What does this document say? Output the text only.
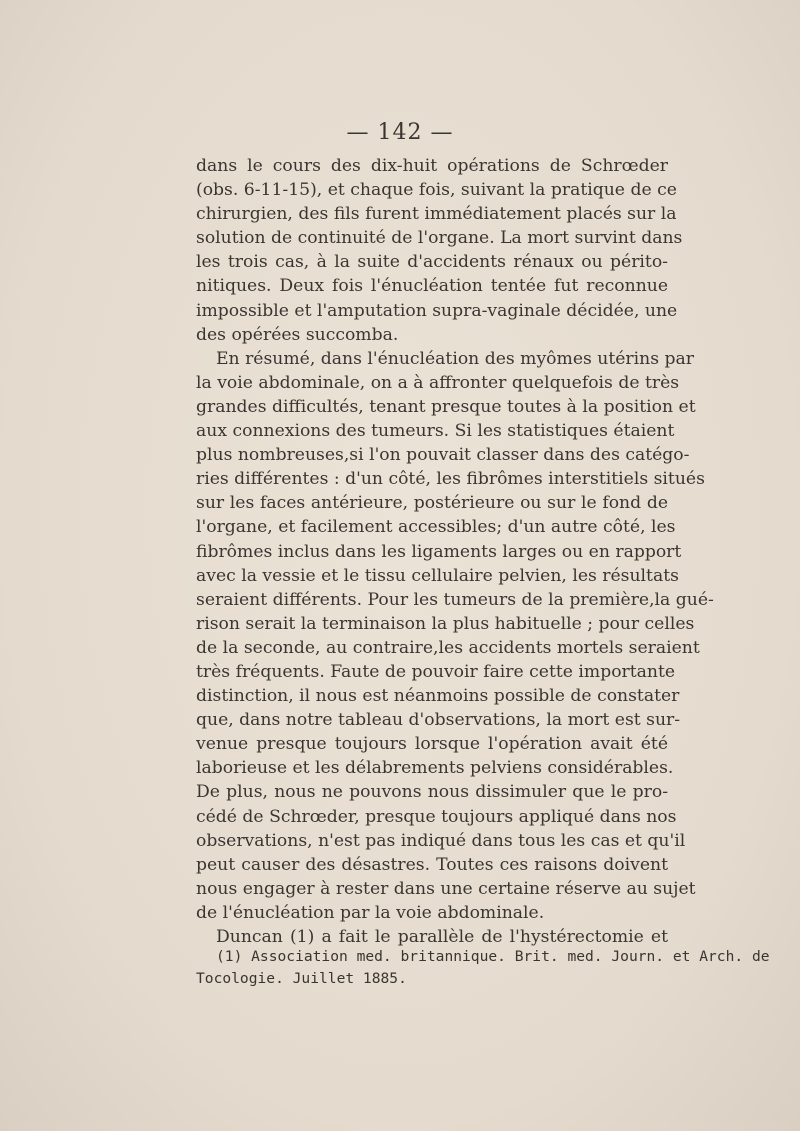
— 142 —
dans le cours des dix-huit opérations de Schrœder
(obs. 6-11-15), et chaque fois, suivant la pratique de ce
chirurgien, des fils furent immédiatement placés sur la
solution de continuité de l'organe. La mort survint dans
les trois cas, à la suite d'accidents rénaux ou périto-
nitiques. Deux fois l'énucléation tentée fut reconnue
impossible et l'amputation supra-vaginale décidée, une
des opérées succomba.
En résumé, dans l'énucléation des myômes utérins par
la voie abdominale, on a à affronter quelquefois de très
grandes difficultés, tenant presque toutes à la position et
aux connexions des tumeurs. Si les statistiques étaient
plus nombreuses,si l'on pouvait classer dans des catégo-
ries différentes : d'un côté, les fibrômes interstitiels situés
sur les faces antérieure, postérieure ou sur le fond de
l'organe, et facilement accessibles; d'un autre côté, les
fibrômes inclus dans les ligaments larges ou en rapport
avec la vessie et le tissu cellulaire pelvien, les résultats
seraient différents. Pour les tumeurs de la première,la gué-
rison serait la terminaison la plus habituelle ; pour celles
de la seconde, au contraire,les accidents mortels seraient
très fréquents. Faute de pouvoir faire cette importante
distinction, il nous est néanmoins possible de constater
que, dans notre tableau d'observations, la mort est sur-
venue presque toujours lorsque l'opération avait été
laborieuse et les délabrements pelviens considérables.
De plus, nous ne pouvons nous dissimuler que le pro-
cédé de Schrœder, presque toujours appliqué dans nos
observations, n'est pas indiqué dans tous les cas et qu'il
peut causer des désastres. Toutes ces raisons doivent
nous engager à rester dans une certaine réserve au sujet
de l'énucléation par la voie abdominale.
Duncan (1) a fait le parallèle de l'hystérectomie et
(1) Association med. britannique. Brit. med. Journ. et Arch. de
Tocologie. Juillet 1885.
